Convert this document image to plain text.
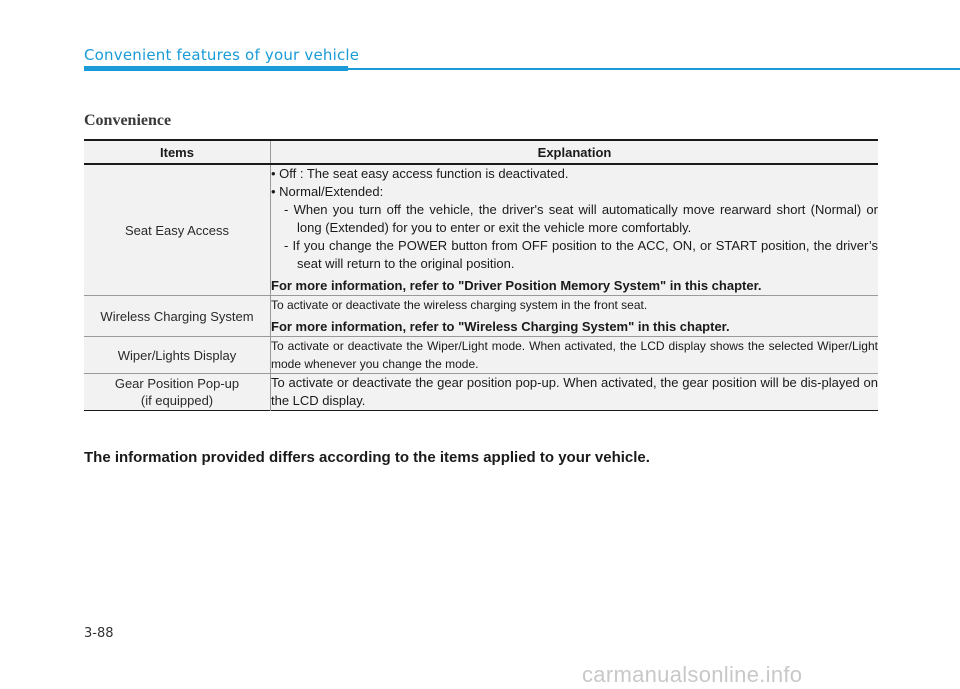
Convenient features of your vehicle
Convenience
Items	Explanation
Seat Easy Access	• Off : The seat easy access function is deactivated.
• Normal/Extended:
- When you turn off the vehicle, the driver's seat will automatically move rearward short (Normal) or long (Extended) for you to enter or exit the vehicle more comfortably.
- If you change the POWER button from OFF position to the ACC, ON, or START position, the driver’s seat will return to the original position.
For more information, refer to "Driver Position Memory System" in this chapter.

Wireless Charging System	To activate or deactivate the wireless charging system in the front seat.
For more information, refer to "Wireless Charging System" in this chapter.

Wiper/Lights Display	To activate or deactivate the Wiper/Light mode. When activated, the LCD display shows the selected Wiper/Light mode whenever you change the mode.

Gear Position Pop-up
(if equipped)	To activate or deactivate the gear position pop-up. When activated, the gear position will be dis-played on the LCD display.
The information provided differs according to the items applied to your vehicle.
3-88
carmanualsonline.info
